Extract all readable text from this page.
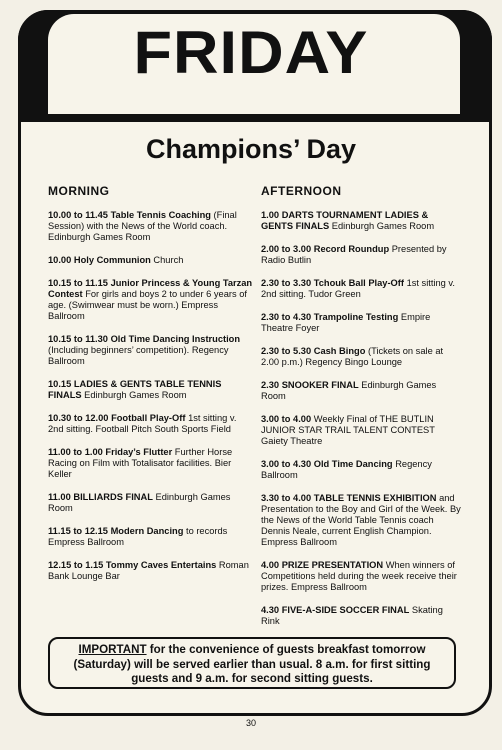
FRIDAY
Champions’ Day
MORNING
10.00 to 11.45 Table Tennis Coaching (Final Session) with the News of the World coach. Edinburgh Games Room
10.00 Holy Communion Church
10.15 to 11.15 Junior Princess & Young Tarzan Contest For girls and boys 2 to under 6 years of age. (Swimwear must be worn.) Empress Ballroom
10.15 to 11.30 Old Time Dancing Instruction (Including beginners’ competition). Regency Ballroom
10.15 LADIES & GENTS TABLE TENNIS FINALS Edinburgh Games Room
10.30 to 12.00 Football Play-Off 1st sitting v. 2nd sitting. Football Pitch South Sports Field
11.00 to 1.00 Friday’s Flutter Further Horse Racing on Film with Totalisator facilities. Bier Keller
11.00 BILLIARDS FINAL Edinburgh Games Room
11.15 to 12.15 Modern Dancing to records Empress Ballroom
12.15 to 1.15 Tommy Caves Entertains Roman Bank Lounge Bar
AFTERNOON
1.00 DARTS TOURNAMENT LADIES & GENTS FINALS Edinburgh Games Room
2.00 to 3.00 Record Roundup Presented by Radio Butlin
2.30 to 3.30 Tchouk Ball Play-Off 1st sitting v. 2nd sitting. Tudor Green
2.30 to 4.30 Trampoline Testing Empire Theatre Foyer
2.30 to 5.30 Cash Bingo (Tickets on sale at 2.00 p.m.) Regency Bingo Lounge
2.30 SNOOKER FINAL Edinburgh Games Room
3.00 to 4.00 Weekly Final of THE BUTLIN JUNIOR STAR TRAIL TALENT CONTEST Gaiety Theatre
3.00 to 4.30 Old Time Dancing Regency Ballroom
3.30 to 4.00 TABLE TENNIS EXHIBITION and Presentation to the Boy and Girl of the Week. By the News of the World Table Tennis coach Dennis Neale, current English Champion. Empress Ballroom
4.00 PRIZE PRESENTATION When winners of Competitions held during the week receive their prizes. Empress Ballroom
4.30 FIVE-A-SIDE SOCCER FINAL Skating Rink
IMPORTANT for the convenience of guests breakfast tomorrow (Saturday) will be served earlier than usual. 8 a.m. for first sitting guests and 9 a.m. for second sitting guests.
30
